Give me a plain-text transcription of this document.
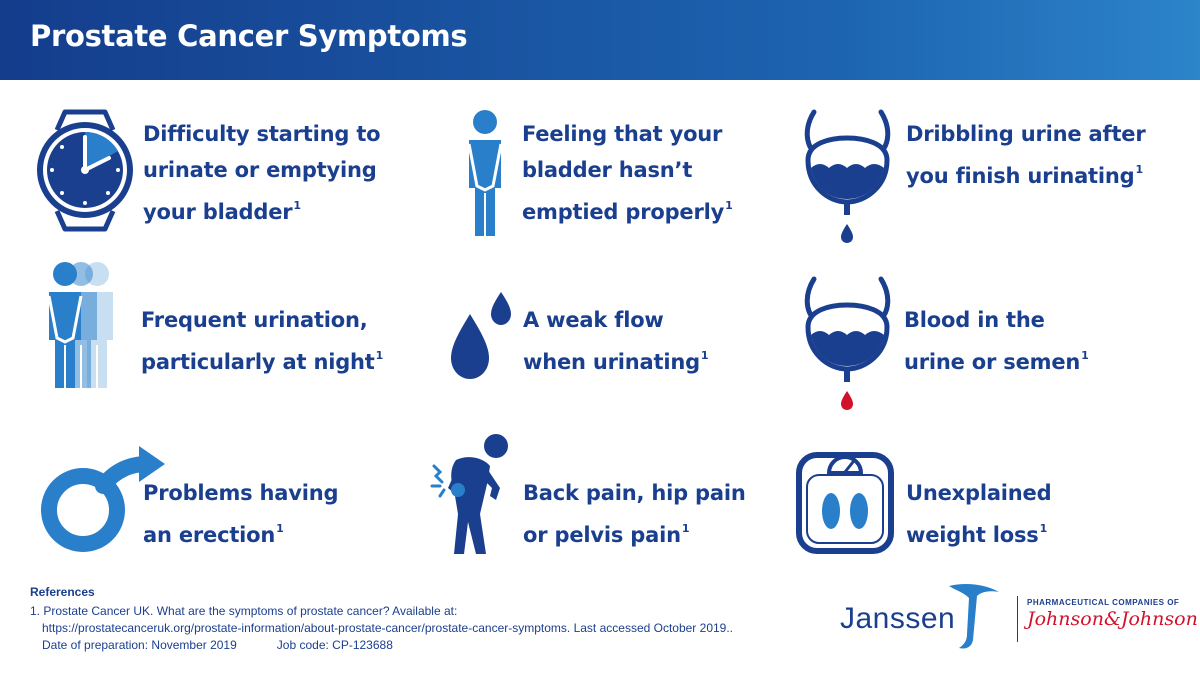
Prostate Cancer Symptoms
Difficulty starting to
urinate or emptying
your bladder$^1$
Feeling that your
bladder hasn’t
emptied properly$^1$
Dribbling urine after
you finish urinating$^1$
Frequent urination,
particularly at night$^1$
A weak flow
when urinating$^1$
Blood in the
urine or semen$^1$
Problems having
an erection$^1$
Back pain, hip pain
or pelvis pain$^1$
Unexplained
weight loss$^1$
References
1. Prostate Cancer UK. What are the symptoms of prostate cancer? Available at:
https://prostatecanceruk.org/prostate-information/about-prostate-cancer/prostate-cancer-symptoms. Last accessed October 2019..
Date of preparation: November 2019	Job code: CP-123688
Janssen	PHARMACEUTICAL COMPANIES OF
Johnson&Johnson
